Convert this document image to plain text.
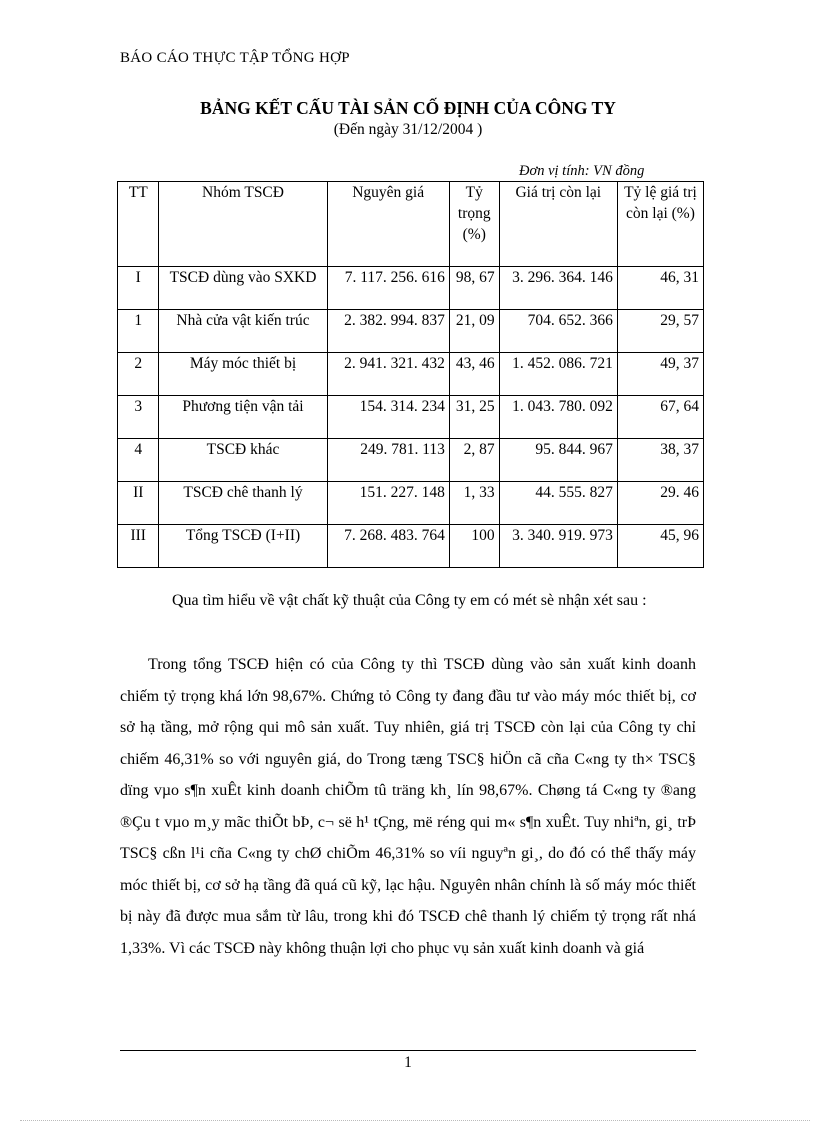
BÁO CÁO THỰC TẬP TỔNG HỢP
BẢNG KẾT CẤU TÀI SẢN CỐ ĐỊNH CỦA CÔNG TY
(Đến ngày 31/12/2004 )
Đơn vị tính: VN đồng
TT	Nhóm TSCĐ	Nguyên giá	Tỷ trọng (%)	Giá trị còn lại	Tỷ lệ giá trị còn lại (%)
I	TSCĐ dùng vào SXKD	7. 117. 256. 616	98, 67	3. 296. 364. 146	46, 31
1	Nhà cửa vật kiến trúc	2. 382. 994. 837	21, 09	704. 652. 366	29, 57
2	Máy móc thiết bị	2. 941. 321. 432	43, 46	1. 452. 086. 721	49, 37
3	Phương tiện vận tải	154. 314. 234	31, 25	1. 043. 780. 092	67, 64
4	TSCĐ khác	249. 781. 113	2, 87	95. 844. 967	38, 37
II	TSCĐ chê thanh lý	151. 227. 148	1, 33	44. 555. 827	29. 46
III	Tổng TSCĐ (I+II)	7. 268. 483. 764	100	3. 340. 919. 973	45, 96

Qua tìm hiểu về vật chất kỹ thuật của Công ty em có mét sè nhận xét sau :

Trong tổng TSCĐ hiện có của Công ty thì TSCĐ dùng vào sản xuất kinh doanh chiếm tỷ trọng khá lớn 98,67%. Chứng tỏ Công ty đang đầu tư vào máy móc thiết bị, cơ sở hạ tầng, mở rộng qui mô sản xuất. Tuy nhiên, giá trị TSCĐ còn lại của Công ty chỉ chiếm 46,31% so với nguyên giá, do Trong tæng TSC§ hiÖn cã cña C«ng ty th× TSC§ dïng vµo s¶n xuÊt kinh doanh chiÕm tû träng kh¸ lín 98,67%. Chøng tá C«ng ty ®ang ®Çu t vµo m¸y mãc thiÕt bÞ, c¬ së h¹ tÇng, më réng qui m« s¶n xuÊt. Tuy nhiªn, gi¸ trÞ TSC§ cßn l¹i cña C«ng ty chØ chiÕm 46,31% so víi nguyªn gi¸, do đó có thể thấy máy móc thiết bị, cơ sở hạ tầng đã quá cũ kỹ, lạc hậu. Nguyên nhân chính là số máy móc thiết bị này đã được mua sắm từ lâu, trong khi đó TSCĐ chê thanh lý chiếm tỷ trọng rất nhá 1,33%. Vì các TSCĐ này không thuận lợi cho phục vụ sản xuất kinh doanh và giá

1
